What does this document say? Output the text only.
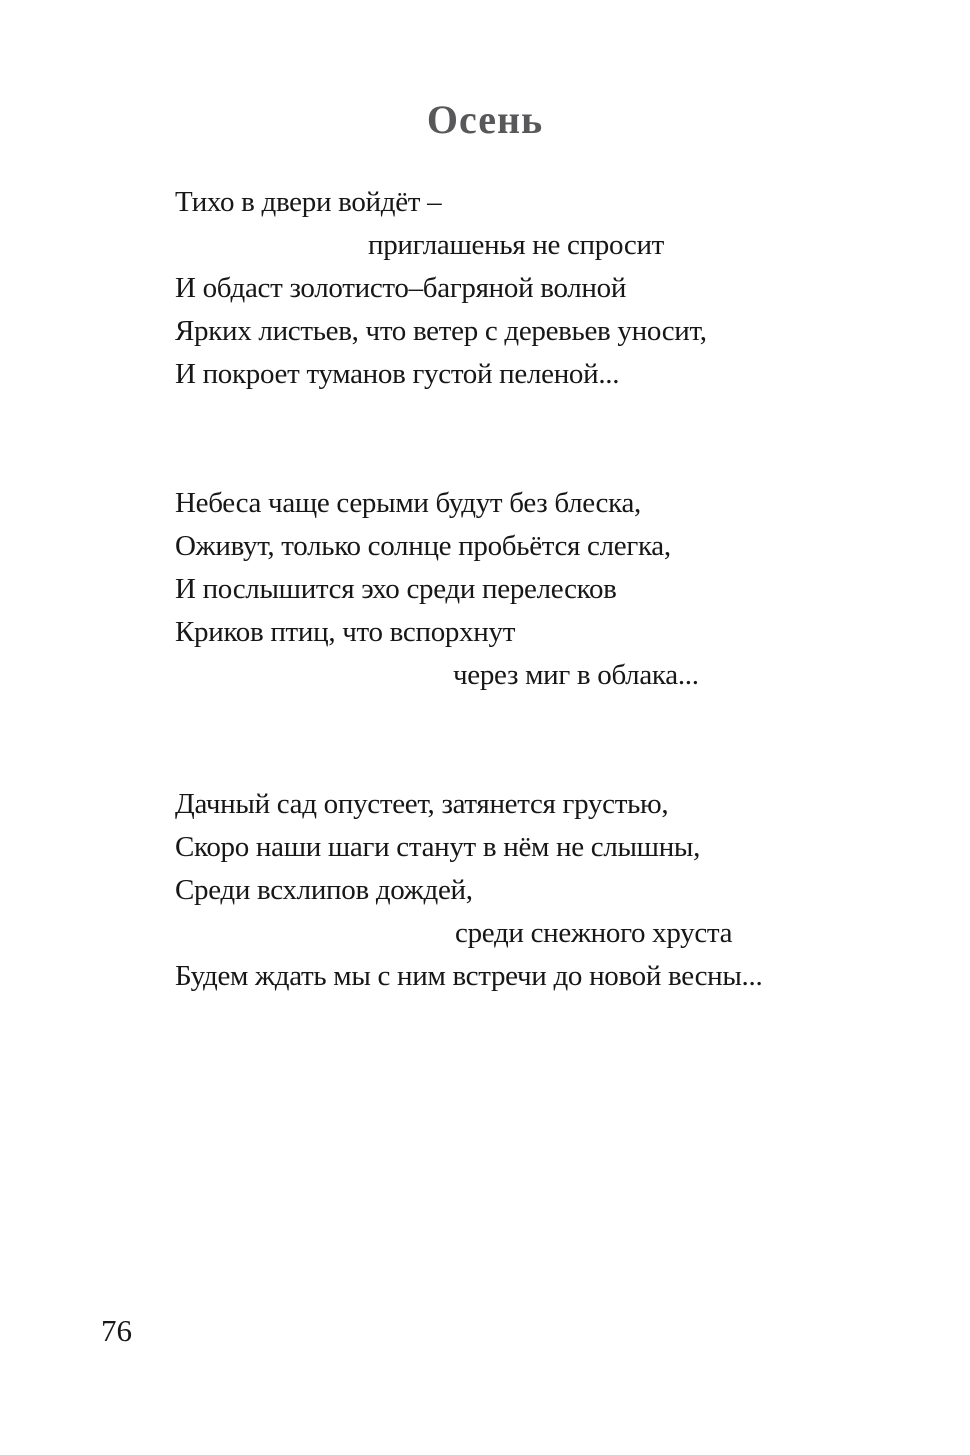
Осень
Тихо в двери войдёт –
приглашенья не спросит
И обдаст золотисто–багряной волной
Ярких листьев, что ветер с деревьев уносит,
И покроет туманов густой пеленой...
Небеса чаще серыми будут без блеска,
Оживут, только солнце пробьётся слегка,
И послышится эхо среди перелесков
Криков птиц, что вспорхнут
через миг в облака...
Дачный сад опустеет, затянется грустью,
Скоро наши шаги станут в нём не слышны,
Среди всхлипов дождей,
среди снежного хруста
Будем ждать мы с ним встречи до новой весны...
76
